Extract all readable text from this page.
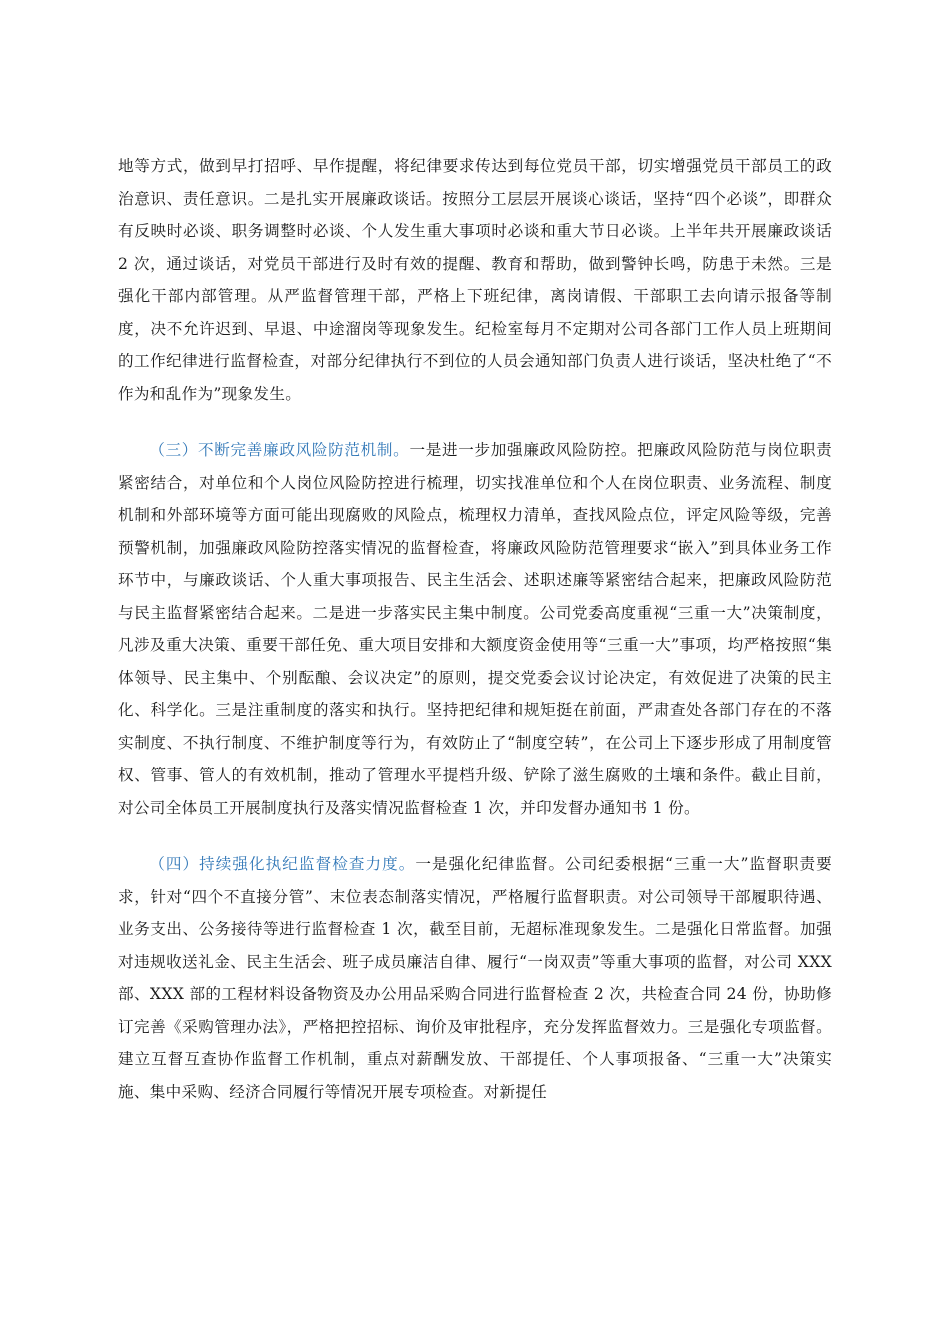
地等方式，做到早打招呼、早作提醒，将纪律要求传达到每位党员干部，切实增强党员干部员工的政治意识、责任意识。二是扎实开展廉政谈话。按照分工层层开展谈心谈话，坚持“四个必谈”，即群众有反映时必谈、职务调整时必谈、个人发生重大事项时必谈和重大节日必谈。上半年共开展廉政谈话 2 次，通过谈话，对党员干部进行及时有效的提醒、教育和帮助，做到警钟长鸣，防患于未然。三是强化干部内部管理。从严监督管理干部，严格上下班纪律，离岗请假、干部职工去向请示报备等制度，决不允许迟到、早退、中途溜岗等现象发生。纪检室每月不定期对公司各部门工作人员上班期间的工作纪律进行监督检查，对部分纪律执行不到位的人员会通知部门负责人进行谈话，坚决杜绝了“不作为和乱作为”现象发生。

（三）不断完善廉政风险防范机制。一是进一步加强廉政风险防控。把廉政风险防范与岗位职责紧密结合，对单位和个人岗位风险防控进行梳理，切实找准单位和个人在岗位职责、业务流程、制度机制和外部环境等方面可能出现腐败的风险点，梳理权力清单，查找风险点位，评定风险等级，完善预警机制，加强廉政风险防控落实情况的监督检查，将廉政风险防范管理要求“嵌入”到具体业务工作环节中，与廉政谈话、个人重大事项报告、民主生活会、述职述廉等紧密结合起来，把廉政风险防范与民主监督紧密结合起来。二是进一步落实民主集中制度。公司党委高度重视“三重一大”决策制度，凡涉及重大决策、重要干部任免、重大项目安排和大额度资金使用等“三重一大”事项，均严格按照“集体领导、民主集中、个别酝酿、会议决定”的原则，提交党委会议讨论决定，有效促进了决策的民主化、科学化。三是注重制度的落实和执行。坚持把纪律和规矩挺在前面，严肃查处各部门存在的不落实制度、不执行制度、不维护制度等行为，有效防止了“制度空转”，在公司上下逐步形成了用制度管权、管事、管人的有效机制，推动了管理水平提档升级、铲除了滋生腐败的土壤和条件。截止目前，对公司全体员工开展制度执行及落实情况监督检查 1 次，并印发督办通知书 1 份。

（四）持续强化执纪监督检查力度。一是强化纪律监督。公司纪委根据“三重一大”监督职责要求，针对“四个不直接分管”、末位表态制落实情况，严格履行监督职责。对公司领导干部履职待遇、业务支出、公务接待等进行监督检查 1 次，截至目前，无超标准现象发生。二是强化日常监督。加强对违规收送礼金、民主生活会、班子成员廉洁自律、履行“一岗双责”等重大事项的监督，对公司 XXX 部、XXX 部的工程材料设备物资及办公用品采购合同进行监督检查 2 次，共检查合同 24 份，协助修订完善《采购管理办法》，严格把控招标、询价及审批程序，充分发挥监督效力。三是强化专项监督。建立互督互查协作监督工作机制，重点对薪酬发放、干部提任、个人事项报备、“三重一大”决策实施、集中采购、经济合同履行等情况开展专项检查。对新提任
